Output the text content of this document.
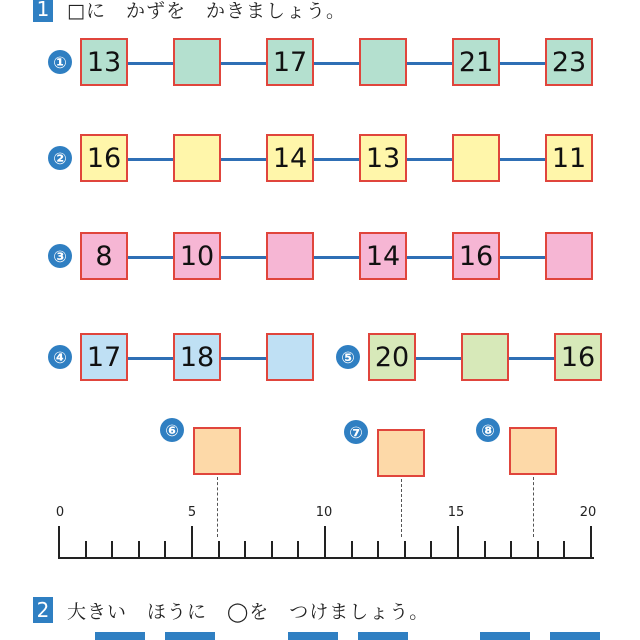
1 □に　かずを　かきましょう。
① 13	17	21 23
② 16	14 13	11
③	8	10	14 16
④ 17 18	⑤ 20	16
⑥	⑦	⑧
0	5	10	15	20
2 大きい　ほうに　◯を　つけましょう。
